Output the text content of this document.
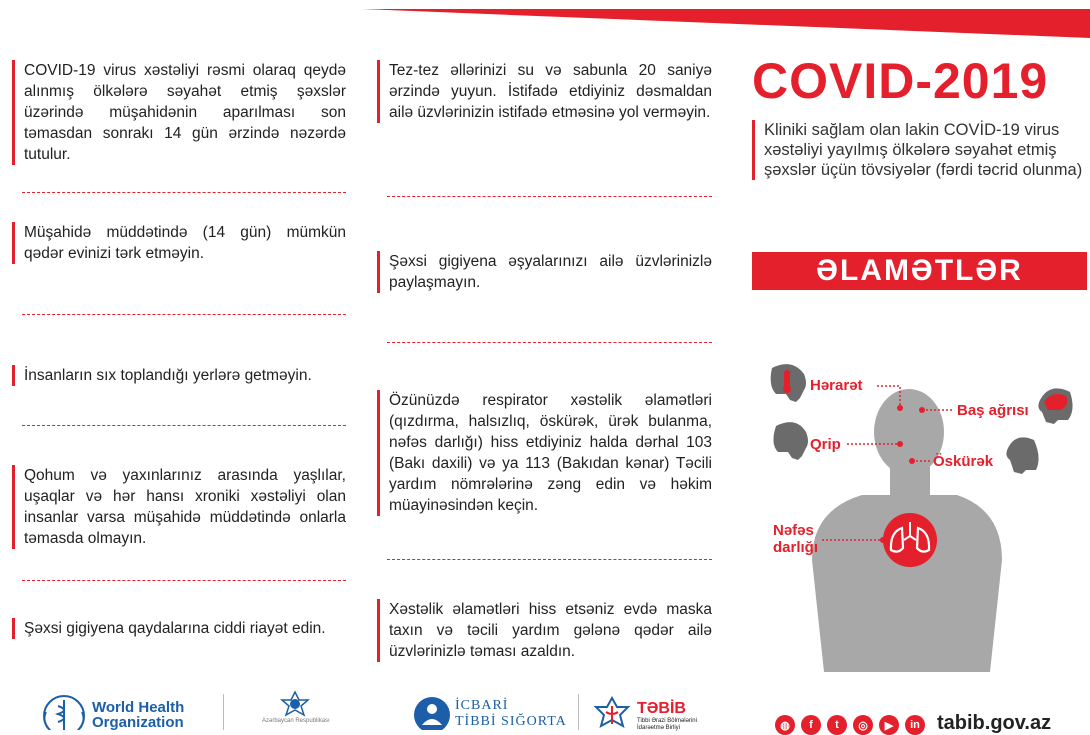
COVID-19 virus xəstəliyi rəsmi olaraq qeydə alınmış ölkələrə səyahət etmiş şəxslər üzərində müşahidənin aparılması son təmasdan sonrakı 14 gün ərzində nəzərdə tutulur.
Müşahidə müddətində (14 gün) mümkün qədər evinizi tərk etməyin.
İnsanların sıx toplandığı yerlərə getməyin.
Qohum və yaxınlarınız arasında yaşlılar, uşaqlar və hər hansı xroniki xəstəliyi olan insanlar varsa müşahidə müddətində onlarla təmasda olmayın.
Şəxsi gigiyena qaydalarına ciddi riayət edin.
Tez-tez əllərinizi su və sabunla 20 saniyə ərzində yuyun. İstifadə etdiyiniz dəsmaldan ailə üzvlərinizin istifadə etməsinə yol verməyin.
Şəxsi gigiyena əşyalarınızı ailə üzvlərinizlə paylaşmayın.
Özünüzdə respirator xəstəlik əlamətləri (qızdırma, halsızlıq, öskürək, ürək bulanma, nəfəs darlığı) hiss etdiyiniz halda dərhal 103 (Bakı daxili) və ya 113 (Bakıdan kənar) Təcili yardım nömrələrinə zəng edin və həkim müayinəsindən keçin.
Xəstəlik əlamətləri hiss etsəniz evdə maska taxın və təcili yardım gələnə qədər ailə üzvlərinizlə təması azaldın.
COVID-2019
Kliniki sağlam olan lakin COVİD-19 virus xəstəliyi yayılmış ölkələrə səyahət etmiş şəxslər üçün tövsiyələr (fərdi təcrid olunma)
ƏLAMƏTLƏR
Hərarət
Baş ağrısı
Qrip
Öskürək
Nəfəs
darlığı
World Health
Organization	Azərbaycan Respublikası
İCBARİ
TİBBİ SIĞORTA
TƏBİB
Tibbi Ərazi Bölmələrini İdarəetmə Birliyi	◍	f	t	◎	▶	in tabib.gov.az
